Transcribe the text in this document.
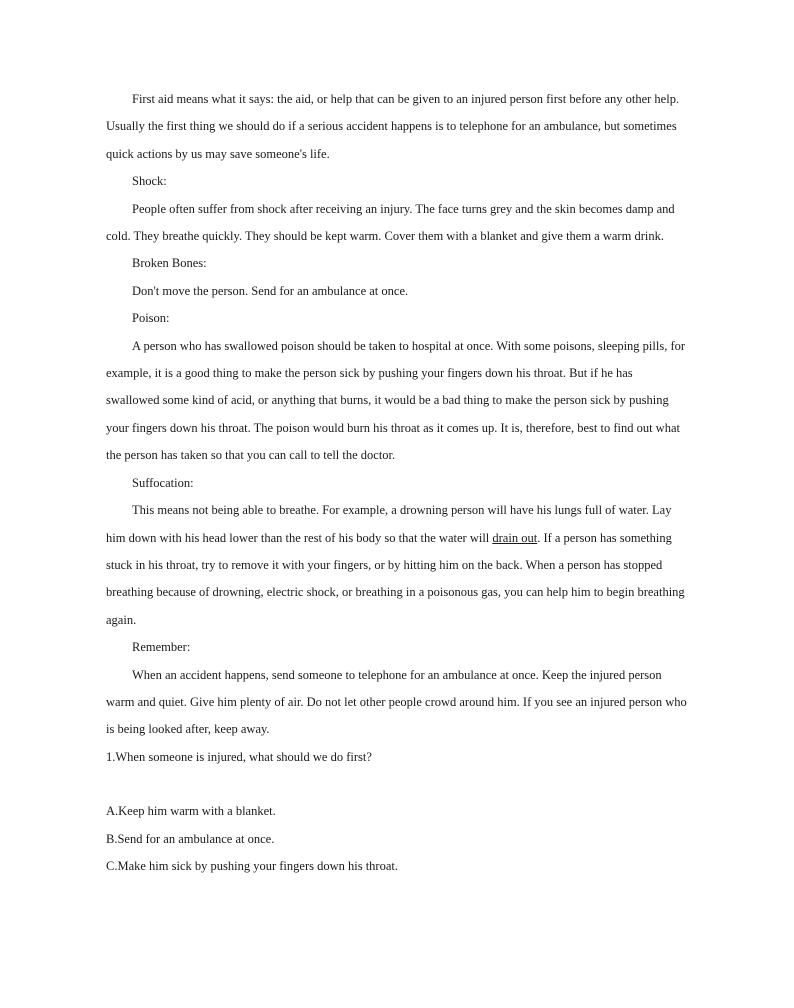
First aid means what it says: the aid, or help that can be given to an injured person first before any other help. Usually the first thing we should do if a serious accident happens is to telephone for an ambulance, but sometimes quick actions by us may save someone's life.

Shock:

People often suffer from shock after receiving an injury. The face turns grey and the skin becomes damp and cold. They breathe quickly. They should be kept warm. Cover them with a blanket and give them a warm drink.

Broken Bones:

Don't move the person. Send for an ambulance at once.

Poison:

A person who has swallowed poison should be taken to hospital at once. With some poisons, sleeping pills, for example, it is a good thing to make the person sick by pushing your fingers down his throat. But if he has swallowed some kind of acid, or anything that burns, it would be a bad thing to make the person sick by pushing your fingers down his throat. The poison would burn his throat as it comes up. It is, therefore, best to find out what the person has taken so that you can call to tell the doctor.

Suffocation:

This means not being able to breathe. For example, a drowning person will have his lungs full of water. Lay him down with his head lower than the rest of his body so that the water will drain out. If a person has something stuck in his throat, try to remove it with your fingers, or by hitting him on the back. When a person has stopped breathing because of drowning, electric shock, or breathing in a poisonous gas, you can help him to begin breathing again.

Remember:

When an accident happens, send someone to telephone for an ambulance at once. Keep the injured person warm and quiet. Give him plenty of air. Do not let other people crowd around him. If you see an injured person who is being looked after, keep away.

1.When someone is injured, what should we do first?

A.Keep him warm with a blanket.

B.Send for an ambulance at once.

C.Make him sick by pushing your fingers down his throat.
